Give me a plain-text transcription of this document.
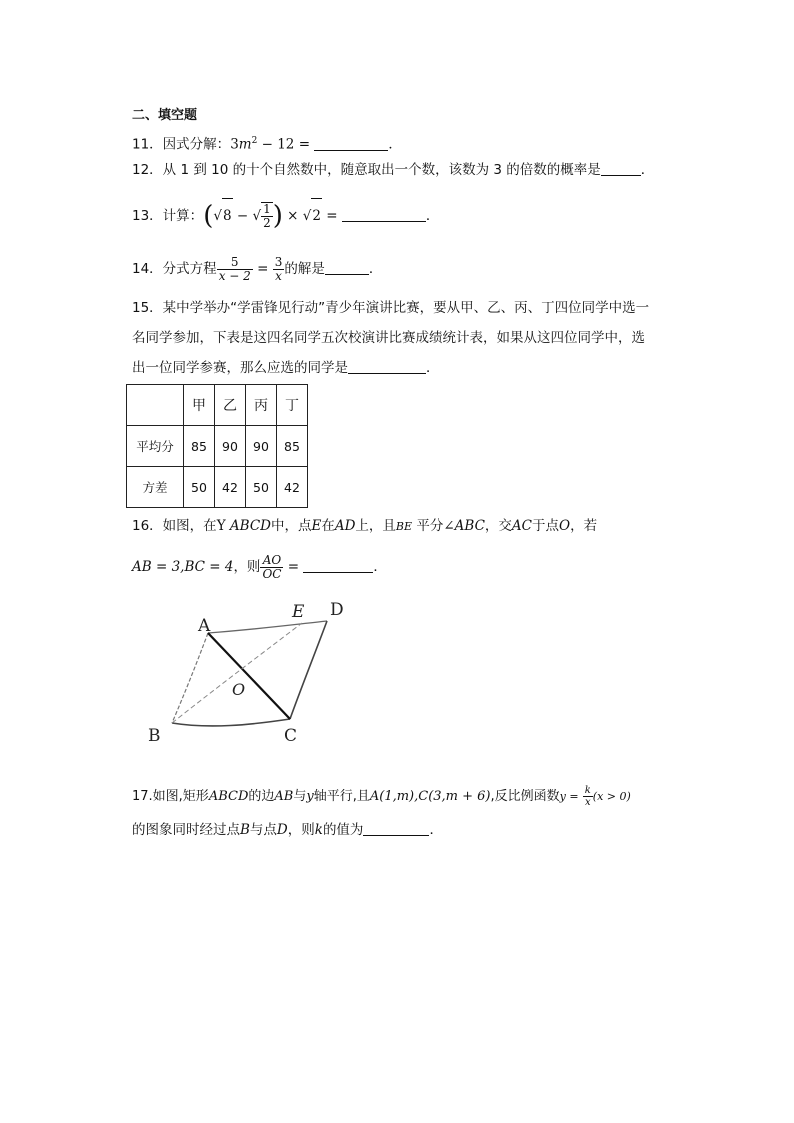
二、填空题
11．因式分解：$3m^2 - 12$ =	．
12．从 1 到 10 的十个自然数中，随意取出一个数，该数为 3 的倍数的概率是	．
13．计算：(√8 − √ $\frac{1}{2}$ ) × √2 =	．
14．分式方程 $\frac{5}{x - 2} = \frac{3}{x}$ 的解是	．
15．某中学举办“学雷锋见行动”青少年演讲比赛，要从甲、乙、丙、丁四位同学中选一
名同学参加，下表是这四名同学五次校演讲比赛成绩统计表，如果从这四位同学中，选
出一位同学参赛，那么应选的同学是	．
	甲	乙	丙	丁
平均分	85	90	90	85
方差	50	42	50	42
16．如图，在Y ABCD中，点E在AD上，且BE 平分∠ABC，交AC于点O，若
AB = 3,BC = 4，则 $\frac{AO}{OC}$ =	．
A
B	C
D
E
O
17.如图,矩形ABCD的边AB与y轴平行,且A(1,m),C(3,m + 6),反比例函数$y = \frac{k}{x} (x > 0)$
的图象同时经过点B与点D，则k的值为	．
